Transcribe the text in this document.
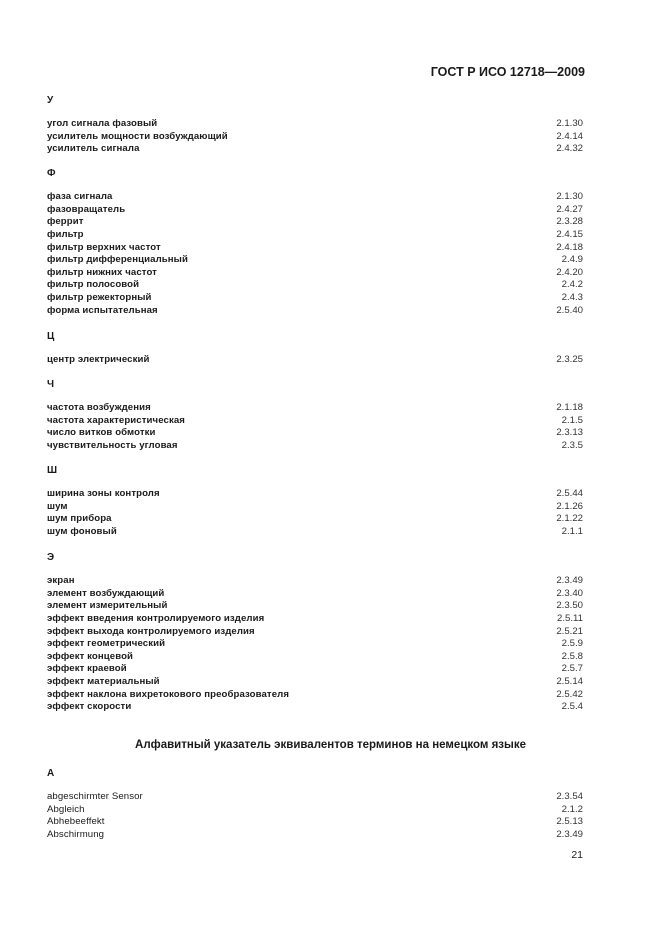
ГОСТ Р ИСО 12718—2009
У
угол сигнала фазовый	2.1.30
усилитель мощности возбуждающий	2.4.14
усилитель сигнала	2.4.32
Ф
фаза сигнала	2.1.30
фазовращатель	2.4.27
феррит	2.3.28
фильтр	2.4.15
фильтр верхних частот	2.4.18
фильтр дифференциальный	2.4.9
фильтр нижних частот	2.4.20
фильтр полосовой	2.4.2
фильтр режекторный	2.4.3
форма испытательная	2.5.40
Ц
центр электрический	2.3.25
Ч
частота возбуждения	2.1.18
частота характеристическая	2.1.5
число витков обмотки	2.3.13
чувствительность угловая	2.3.5
Ш
ширина зоны контроля	2.5.44
шум	2.1.26
шум прибора	2.1.22
шум фоновый	2.1.1
Э
экран	2.3.49
элемент возбуждающий	2.3.40
элемент измерительный	2.3.50
эффект введения контролируемого изделия	2.5.11
эффект выхода контролируемого изделия	2.5.21
эффект геометрический	2.5.9
эффект концевой	2.5.8
эффект краевой	2.5.7
эффект материальный	2.5.14
эффект наклона вихретокового преобразователя	2.5.42
эффект скорости	2.5.4
Алфавитный указатель эквивалентов терминов на немецком языке
A
abgeschirmter Sensor	2.3.54
Abgleich	2.1.2
Abhebeeffekt	2.5.13
Abschirmung	2.3.49
21
